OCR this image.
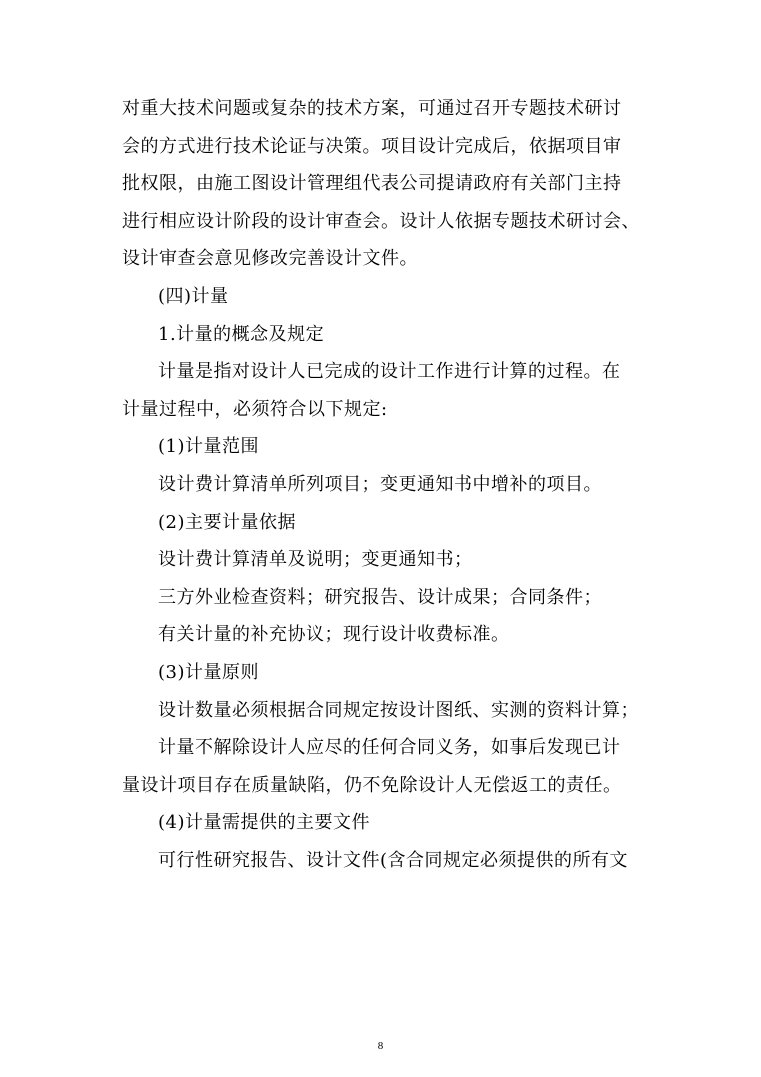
对重大技术问题或复杂的技术方案，可通过召开专题技术研讨
会的方式进行技术论证与决策。项目设计完成后，依据项目审
批权限，由施工图设计管理组代表公司提请政府有关部门主持
进行相应设计阶段的设计审查会。设计人依据专题技术研讨会、
设计审查会意见修改完善设计文件。
(四)计量
1.计量的概念及规定
计量是指对设计人已完成的设计工作进行计算的过程。在
计量过程中，必须符合以下规定:
(1)计量范围
设计费计算清单所列项目；变更通知书中增补的项目。
(2)主要计量依据
设计费计算清单及说明；变更通知书；
三方外业检查资料；研究报告、设计成果；合同条件；
有关计量的补充协议；现行设计收费标准。
(3)计量原则
设计数量必须根据合同规定按设计图纸、实测的资料计算；
计量不解除设计人应尽的任何合同义务，如事后发现已计
量设计项目存在质量缺陷，仍不免除设计人无偿返工的责任。
(4)计量需提供的主要文件
可行性研究报告、设计文件(含合同规定必须提供的所有文
8
